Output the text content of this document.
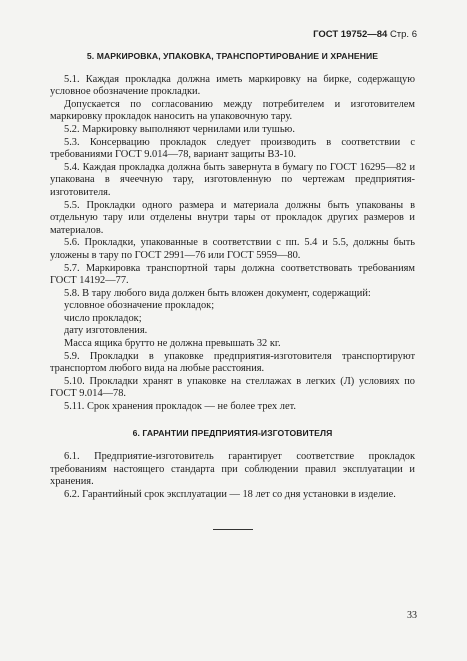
ГОСТ 19752—84 Стр. 6
5. МАРКИРОВКА, УПАКОВКА, ТРАНСПОРТИРОВАНИЕ И ХРАНЕНИЕ

5.1. Каждая прокладка должна иметь маркировку на бирке, содержащую условное обозначение прокладки.

Допускается по согласованию между потребителем и изготовителем маркировку прокладок наносить на упаковочную тару.

5.2. Маркировку выполняют чернилами или тушью.

5.3. Консервацию прокладок следует производить в соответствии с требованиями ГОСТ 9.014—78, вариант защиты ВЗ-10.

5.4. Каждая прокладка должна быть завернута в бумагу по ГОСТ 16295—82 и упакована в ячеечную тару, изготовленную по чертежам предприятия-изготовителя.

5.5. Прокладки одного размера и материала должны быть упакованы в отдельную тару или отделены внутри тары от прокладок других размеров и материалов.

5.6. Прокладки, упакованные в соответствии с пп. 5.4 и 5.5, должны быть уложены в тару по ГОСТ 2991—76 или ГОСТ 5959—80.

5.7. Маркировка транспортной тары должна соответствовать требованиям ГОСТ 14192—77.

5.8. В тару любого вида должен быть вложен документ, содержащий:

условное обозначение прокладок;

число прокладок;

дату изготовления.

Масса ящика брутто не должна превышать 32 кг.

5.9. Прокладки в упаковке предприятия-изготовителя транспортируют транспортом любого вида на любые расстояния.

5.10. Прокладки хранят в упаковке на стеллажах в легких (Л) условиях по ГОСТ 9.014—78.

5.11. Срок хранения прокладок — не более трех лет.

6. ГАРАНТИИ ПРЕДПРИЯТИЯ-ИЗГОТОВИТЕЛЯ

6.1. Предприятие-изготовитель гарантирует соответствие прокладок требованиям настоящего стандарта при соблюдении правил эксплуатации и хранения.

6.2. Гарантийный срок эксплуатации — 18 лет со дня установки в изделие.

33
